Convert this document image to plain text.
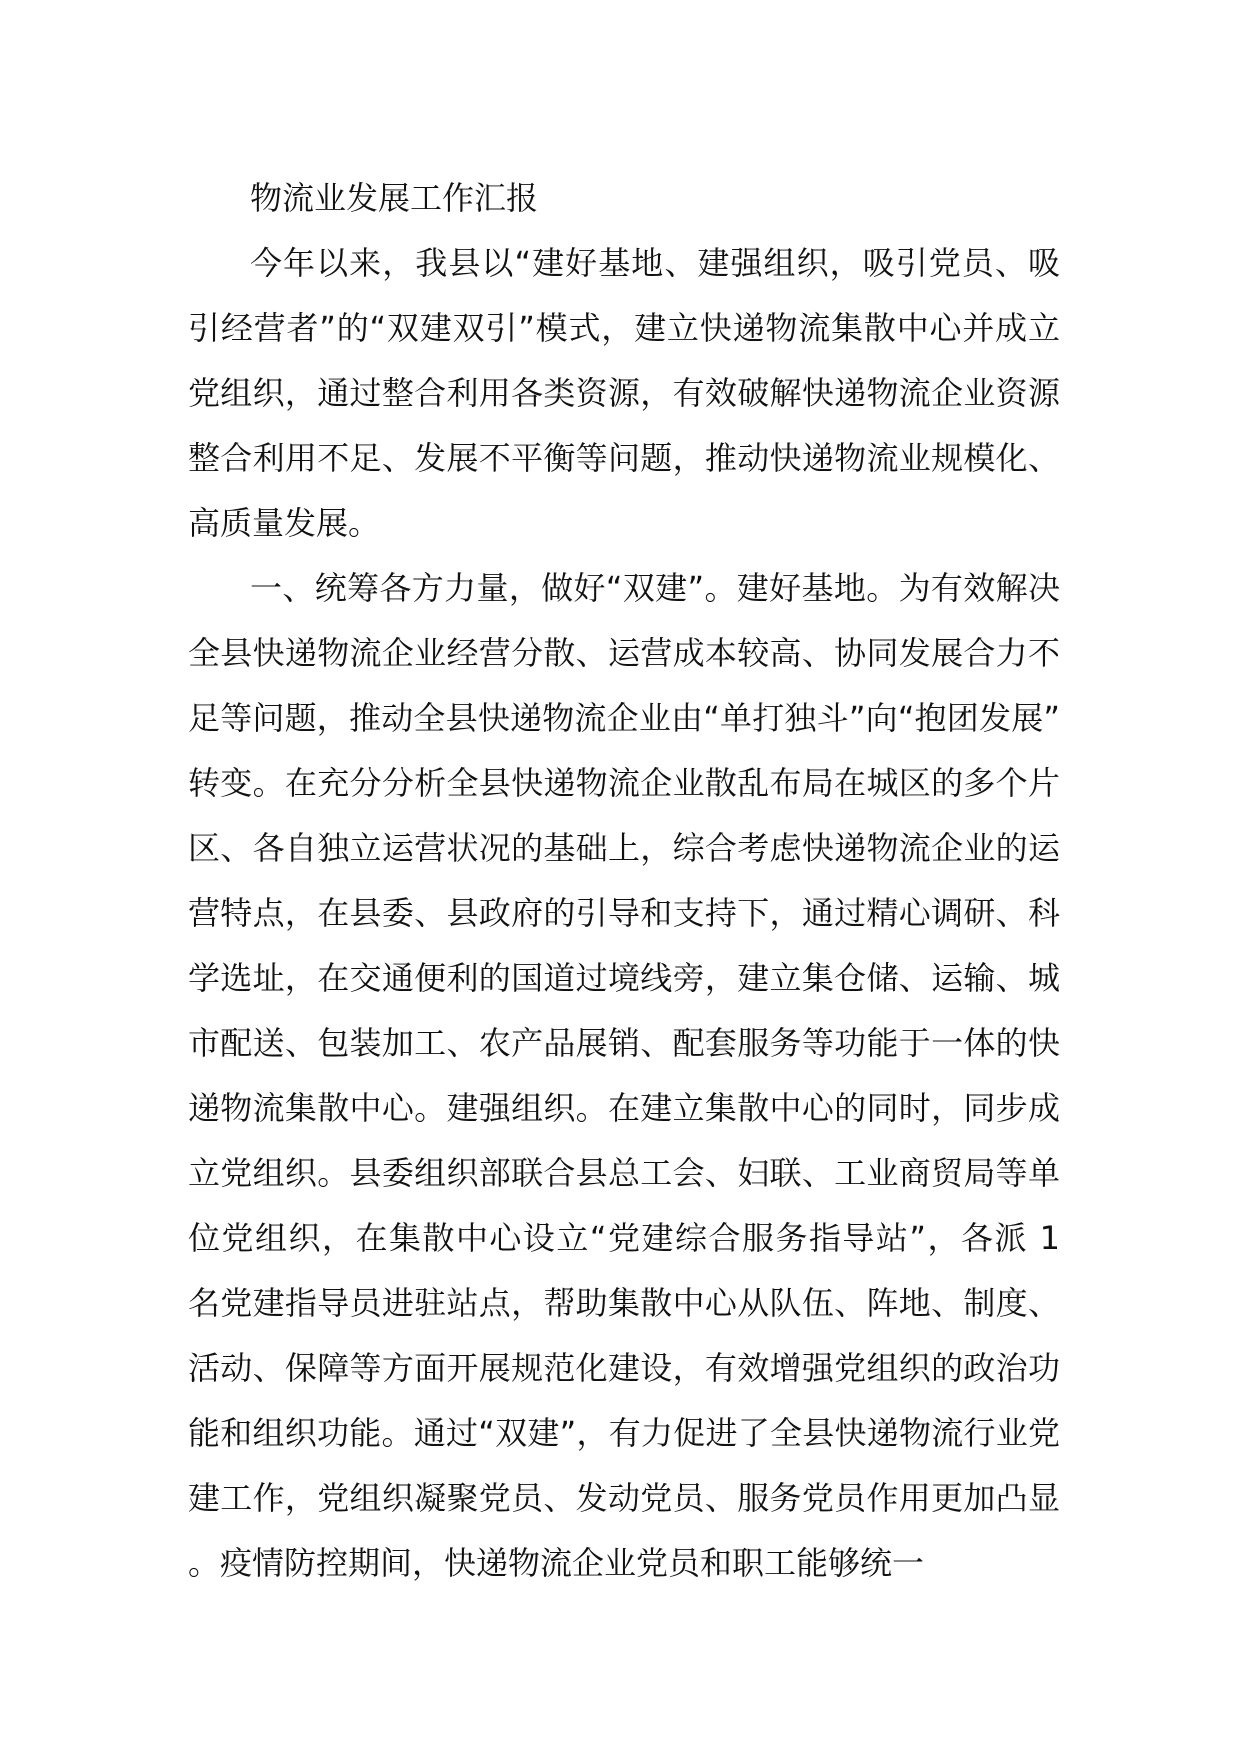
物流业发展工作汇报

今年以来，我县以“建好基地、建强组织，吸引党员、吸引经营者”的“双建双引”模式，建立快递物流集散中心并成立党组织，通过整合利用各类资源，有效破解快递物流企业资源整合利用不足、发展不平衡等问题，推动快递物流业规模化、高质量发展。

一、统筹各方力量，做好“双建”。建好基地。为有效解决全县快递物流企业经营分散、运营成本较高、协同发展合力不足等问题，推动全县快递物流企业由“单打独斗”向“抱团发展”转变。在充分分析全县快递物流企业散乱布局在城区的多个片区、各自独立运营状况的基础上，综合考虑快递物流企业的运营特点，在县委、县政府的引导和支持下，通过精心调研、科学选址，在交通便利的国道过境线旁，建立集仓储、运输、城市配送、包装加工、农产品展销、配套服务等功能于一体的快递物流集散中心。建强组织。在建立集散中心的同时，同步成立党组织。县委组织部联合县总工会、妇联、工业商贸局等单位党组织，在集散中心设立“党建综合服务指导站”，各派 1 名党建指导员进驻站点，帮助集散中心从队伍、阵地、制度、活动、保障等方面开展规范化建设，有效增强党组织的政治功能和组织功能。通过“双建”，有力促进了全县快递物流行业党建工作，党组织凝聚党员、发动党员、服务党员作用更加凸显。疫情防控期间，快递物流企业党员和职工能够统一
